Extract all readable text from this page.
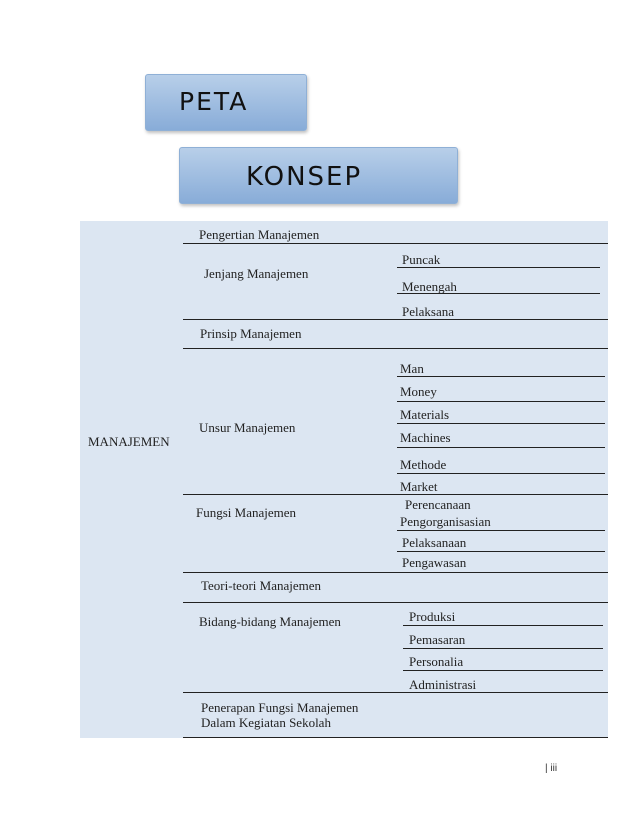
PETA
KONSEP
MANAJEMEN
Pengertian Manajemen
Jenjang Manajemen
Puncak
Menengah
Pelaksana
Prinsip Manajemen
Unsur Manajemen
Man
Money
Materials
Machines
Methode
Market
Fungsi Manajemen
Perencanaan
Pengorganisasian
Pelaksanaan
Pengawasan
Teori-teori Manajemen
Bidang-bidang Manajemen	Produksi
Pemasaran
Personalia
Administrasi
Penerapan Fungsi Manajemen
Dalam Kegiatan Sekolah
| iii
